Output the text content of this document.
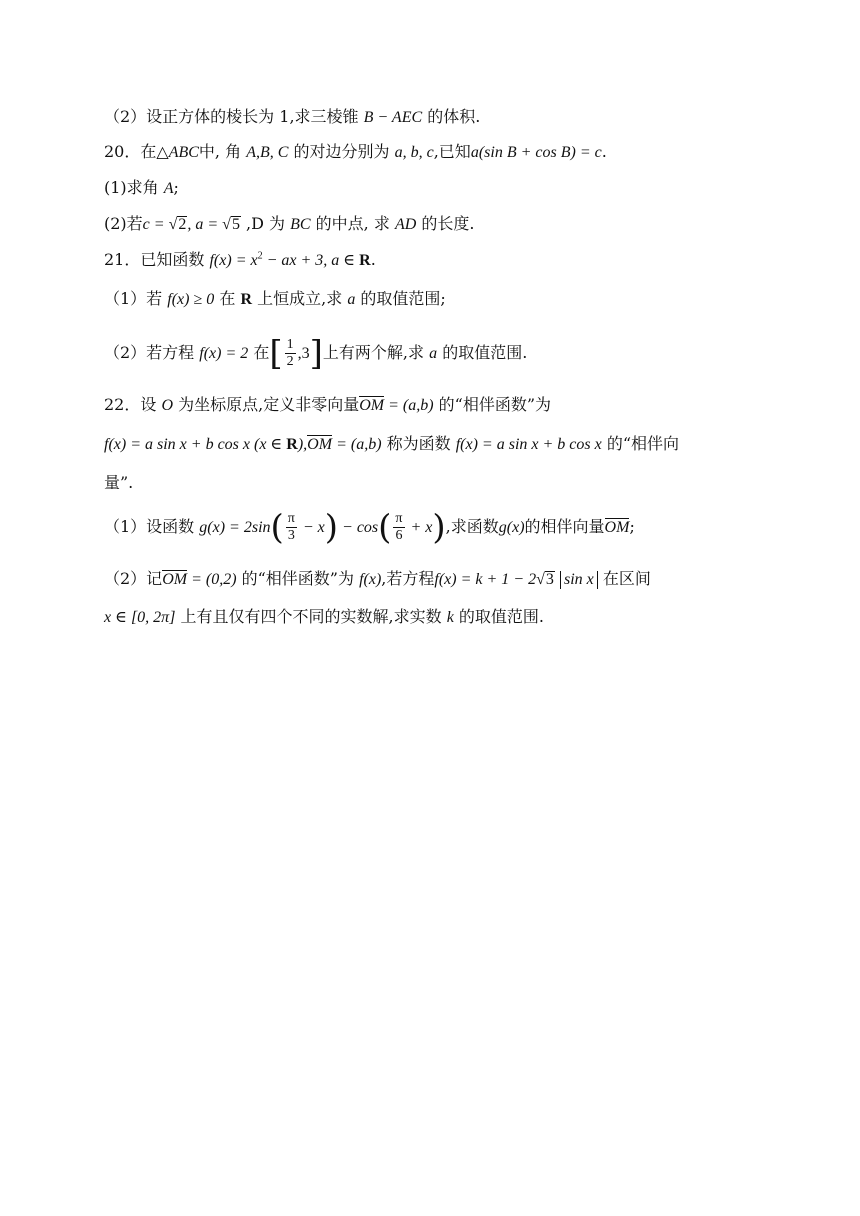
（2）设正方体的棱长为 1,求三棱锥 B − AEC 的体积.
20．在△ABC中, 角 A,B, C 的对边分别为 a, b, c,已知a(sin B + cos B) = c.
(1)求角 A;
(2)若c = √2, a = √5 ,D 为 BC 的中点, 求 AD 的长度.
21．已知函数 $f(x) = x^2$ − ax + 3, a ∈ R.
（1）若 f(x) ≥ 0 在 R 上恒成立,求 a 的取值范围;
（2）若方程 f(x) = 2 在[ $\frac{1}{2} ,3$]上有两个解,求 a 的取值范围.
22．设 O 为坐标原点,定义非零向量OM = (a,b) 的“相伴函数”为
f(x) = a sin x + b cos x (x ∈ R),OM = (a,b) 称为函数 f(x) = a sin x + b cos x 的“相伴向
量”.
（1）设函数 $g(x) = 2\sin( \frac{\pi}{3} - x) - \cos( \frac{\pi}{6} + x)$,求函数g(x)的相伴向量OM;
（2）记OM = (0,2) 的“相伴函数”为 f(x),若方程f(x) = k + 1 − 2√3 sin x 在区间
x ∈ [0, 2π] 上有且仅有四个不同的实数解,求实数 k 的取值范围.
